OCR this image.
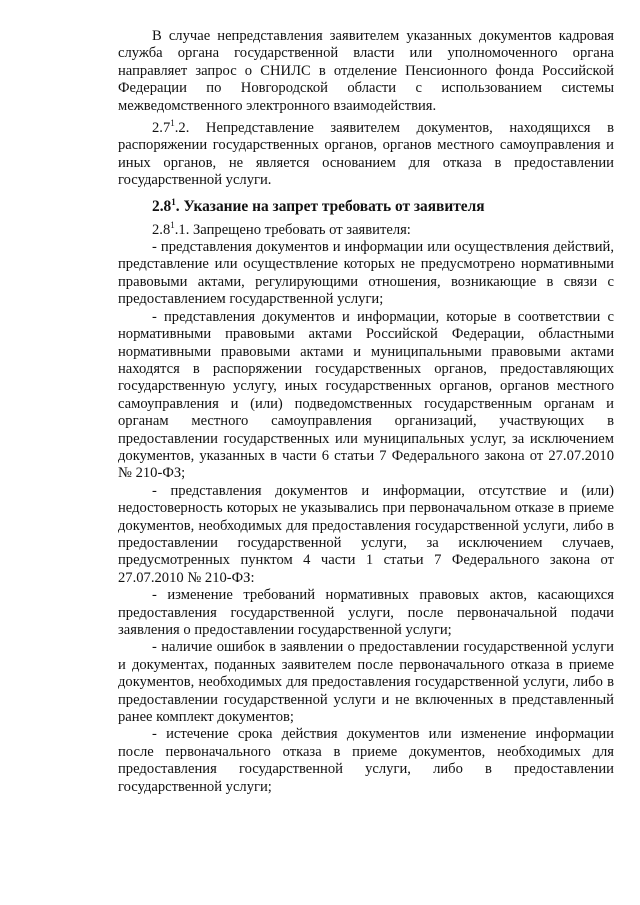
В случае непредставления заявителем указанных документов кадровая служба органа государственной власти или уполномоченного органа направляет запрос о СНИЛС в отделение Пенсионного фонда Российской Федерации по Новгородской области с использованием системы межведомственного электронного взаимодействия.

$2.7^1.2$. Непредставление заявителем документов, находящихся в распоряжении государственных органов, органов местного самоуправления и иных органов, не является основанием для отказа в предоставлении государственной услуги.

$2.8^1$. Указание на запрет требовать от заявителя

$2.8^1.1$. Запрещено требовать от заявителя:

- представления документов и информации или осуществления действий, представление или осуществление которых не предусмотрено нормативными правовыми актами, регулирующими отношения, возникающие в связи с предоставлением государственной услуги;

- представления документов и информации, которые в соответствии с нормативными правовыми актами Российской Федерации, областными нормативными правовыми актами и муниципальными правовыми актами находятся в распоряжении государственных органов, предоставляющих государственную услугу, иных государственных органов, органов местного самоуправления и (или) подведомственных государственным органам и органам местного самоуправления организаций, участвующих в предоставлении государственных или муниципальных услуг, за исключением документов, указанных в части 6 статьи 7 Федерального закона от 27.07.2010 № 210-ФЗ;

- представления документов и информации, отсутствие и (или) недостоверность которых не указывались при первоначальном отказе в приеме документов, необходимых для предоставления государственной услуги, либо в предоставлении государственной услуги, за исключением случаев, предусмотренных пунктом 4 части 1 статьи 7 Федерального закона от 27.07.2010 № 210-ФЗ:

- изменение требований нормативных правовых актов, касающихся предоставления государственной услуги, после первоначальной подачи заявления о предоставлении государственной услуги;

- наличие ошибок в заявлении о предоставлении государственной услуги и документах, поданных заявителем после первоначального отказа в приеме документов, необходимых для предоставления государственной услуги, либо в предоставлении государственной услуги и не включенных в представленный ранее комплект документов;

- истечение срока действия документов или изменение информации после первоначального отказа в приеме документов, необходимых для предоставления государственной услуги, либо в предоставлении государственной услуги;
